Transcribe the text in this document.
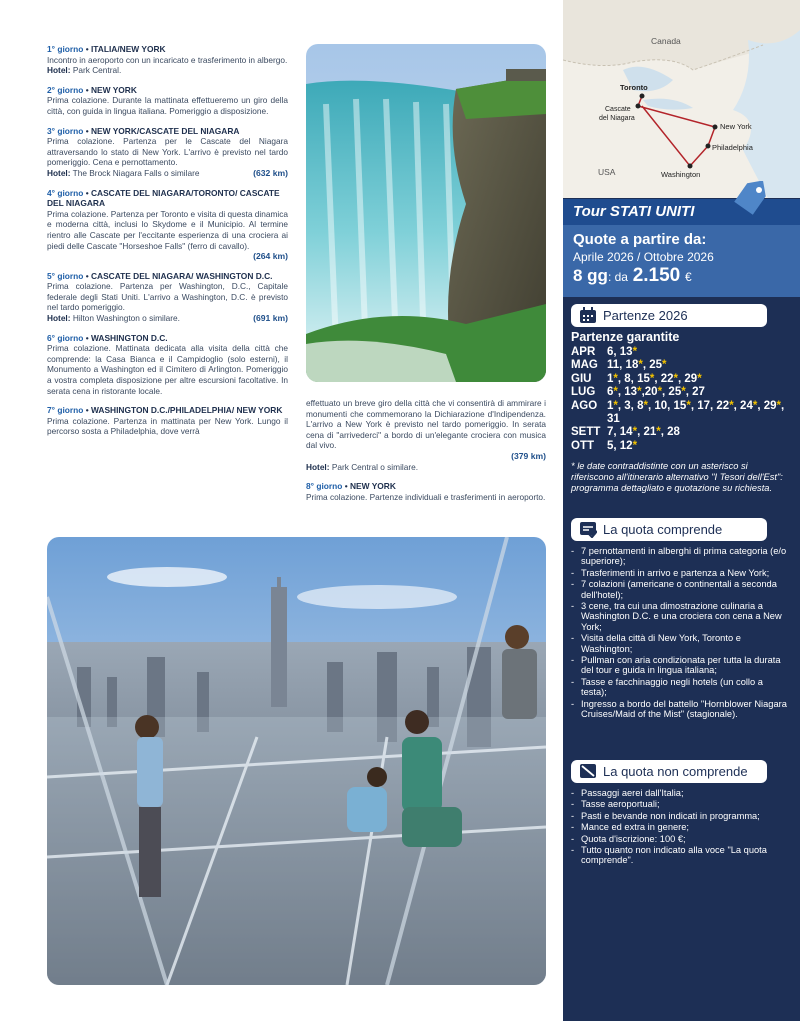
1° giorno • ITALIA/NEW YORK
Incontro in aeroporto con un incaricato e trasferimento in albergo.
Hotel: Park Central.
2° giorno • NEW YORK
Prima colazione. Durante la mattinata effettueremo un giro della città, con guida in lingua italiana. Pomeriggio a disposizione.
3° giorno • NEW YORK/CASCATE DEL NIAGARA
Prima colazione. Partenza per le Cascate del Niagara attraversando lo stato di New York. L'arrivo è previsto nel tardo pomeriggio. Cena e pernottamento.
Hotel: The Brock Niagara Falls o similare	(632 km)
4° giorno • CASCATE DEL NIAGARA/TORONTO/ CASCATE DEL NIAGARA
Prima colazione. Partenza per Toronto e visita di questa dinamica e moderna città, inclusi lo Skydome e il Municipio. Al termine rientro alle Cascate per l'eccitante esperienza di una crociera ai piedi delle Cascate "Horseshoe Falls" (ferro di cavallo).
(264 km)
5° giorno • CASCATE DEL NIAGARA/ WASHINGTON D.C.
Prima colazione. Partenza per Washington, D.C., Capitale federale degli Stati Uniti. L'arrivo a Washington, D.C. è previsto nel tardo pomeriggio.
Hotel: Hilton Washington o similare.	(691 km)
6° giorno • WASHINGTON D.C.
Prima colazione. Mattinata dedicata alla visita della città che comprende: la Casa Bianca e il Campidoglio (solo esterni), il Monumento a Washington ed il Cimitero di Arlington. Pomeriggio a vostra completa disposizione per altre escursioni facoltative. In serata cena in ristorante locale.
7° giorno • WASHINGTON D.C./PHILADELPHIA/ NEW YORK
Prima colazione. Partenza in mattinata per New York. Lungo il percorso sosta a Philadelphia, dove verrà
effettuato un breve giro della città che vi consentirà di ammirare i monumenti che commemorano la Dichiarazione d'Indipendenza. L'arrivo a New York è previsto nel tardo pomeriggio. In serata cena di "arrivederci" a bordo di un'elegante crociera con musica dal vivo.
(379 km)
Hotel: Park Central o similare.
8° giorno • NEW YORK
Prima colazione. Partenze individuali e trasferimenti in aeroporto.
Canada
USA
Toronto
Cascate del Niagara
New York
Philadelphia
Washington
Tour STATI UNITI
Quote a partire da:
Aprile 2026 / Ottobre 2026
8 gg: da 2.150 €
Partenze 2026
Partenze garantite
APR	6, 13*
MAG 11, 18*, 25*
GIU	1*, 8, 15*, 22*, 29*
LUG	6*, 13*,20*, 25*, 27
AGO 1*, 3, 8*, 10, 15*, 17, 22*, 24*, 29*, 31
SETT 7, 14*, 21*, 28
OTT	5, 12*
* le date contraddistinte con un asterisco si riferiscono all'itinerario alternativo "I Tesori dell'Est": programma dettagliato e quotazione su richiesta.
La quota comprende
- 7 pernottamenti in alberghi di prima categoria (e/o superiore);
- Trasferimenti in arrivo e partenza a New York;
- 7 colazioni (americane o continentali a seconda dell'hotel);
- 3 cene, tra cui una dimostrazione culinaria a Washington D.C. e una crociera con cena a New York;
- Visita della città di New York, Toronto e Washington;
- Pullman con aria condizionata per tutta la durata del tour e guida in lingua italiana;
- Tasse e facchinaggio negli hotels (un collo a testa);
- Ingresso a bordo del battello "Hornblower Niagara Cruises/Maid of the Mist" (stagionale).
La quota non comprende
- Passaggi aerei dall'Italia;
- Tasse aeroportuali;
- Pasti e bevande non indicati in programma;
- Mance ed extra in genere;
- Quota d'iscrizione: 100 €;
- Tutto quanto non indicato alla voce "La quota comprende".
